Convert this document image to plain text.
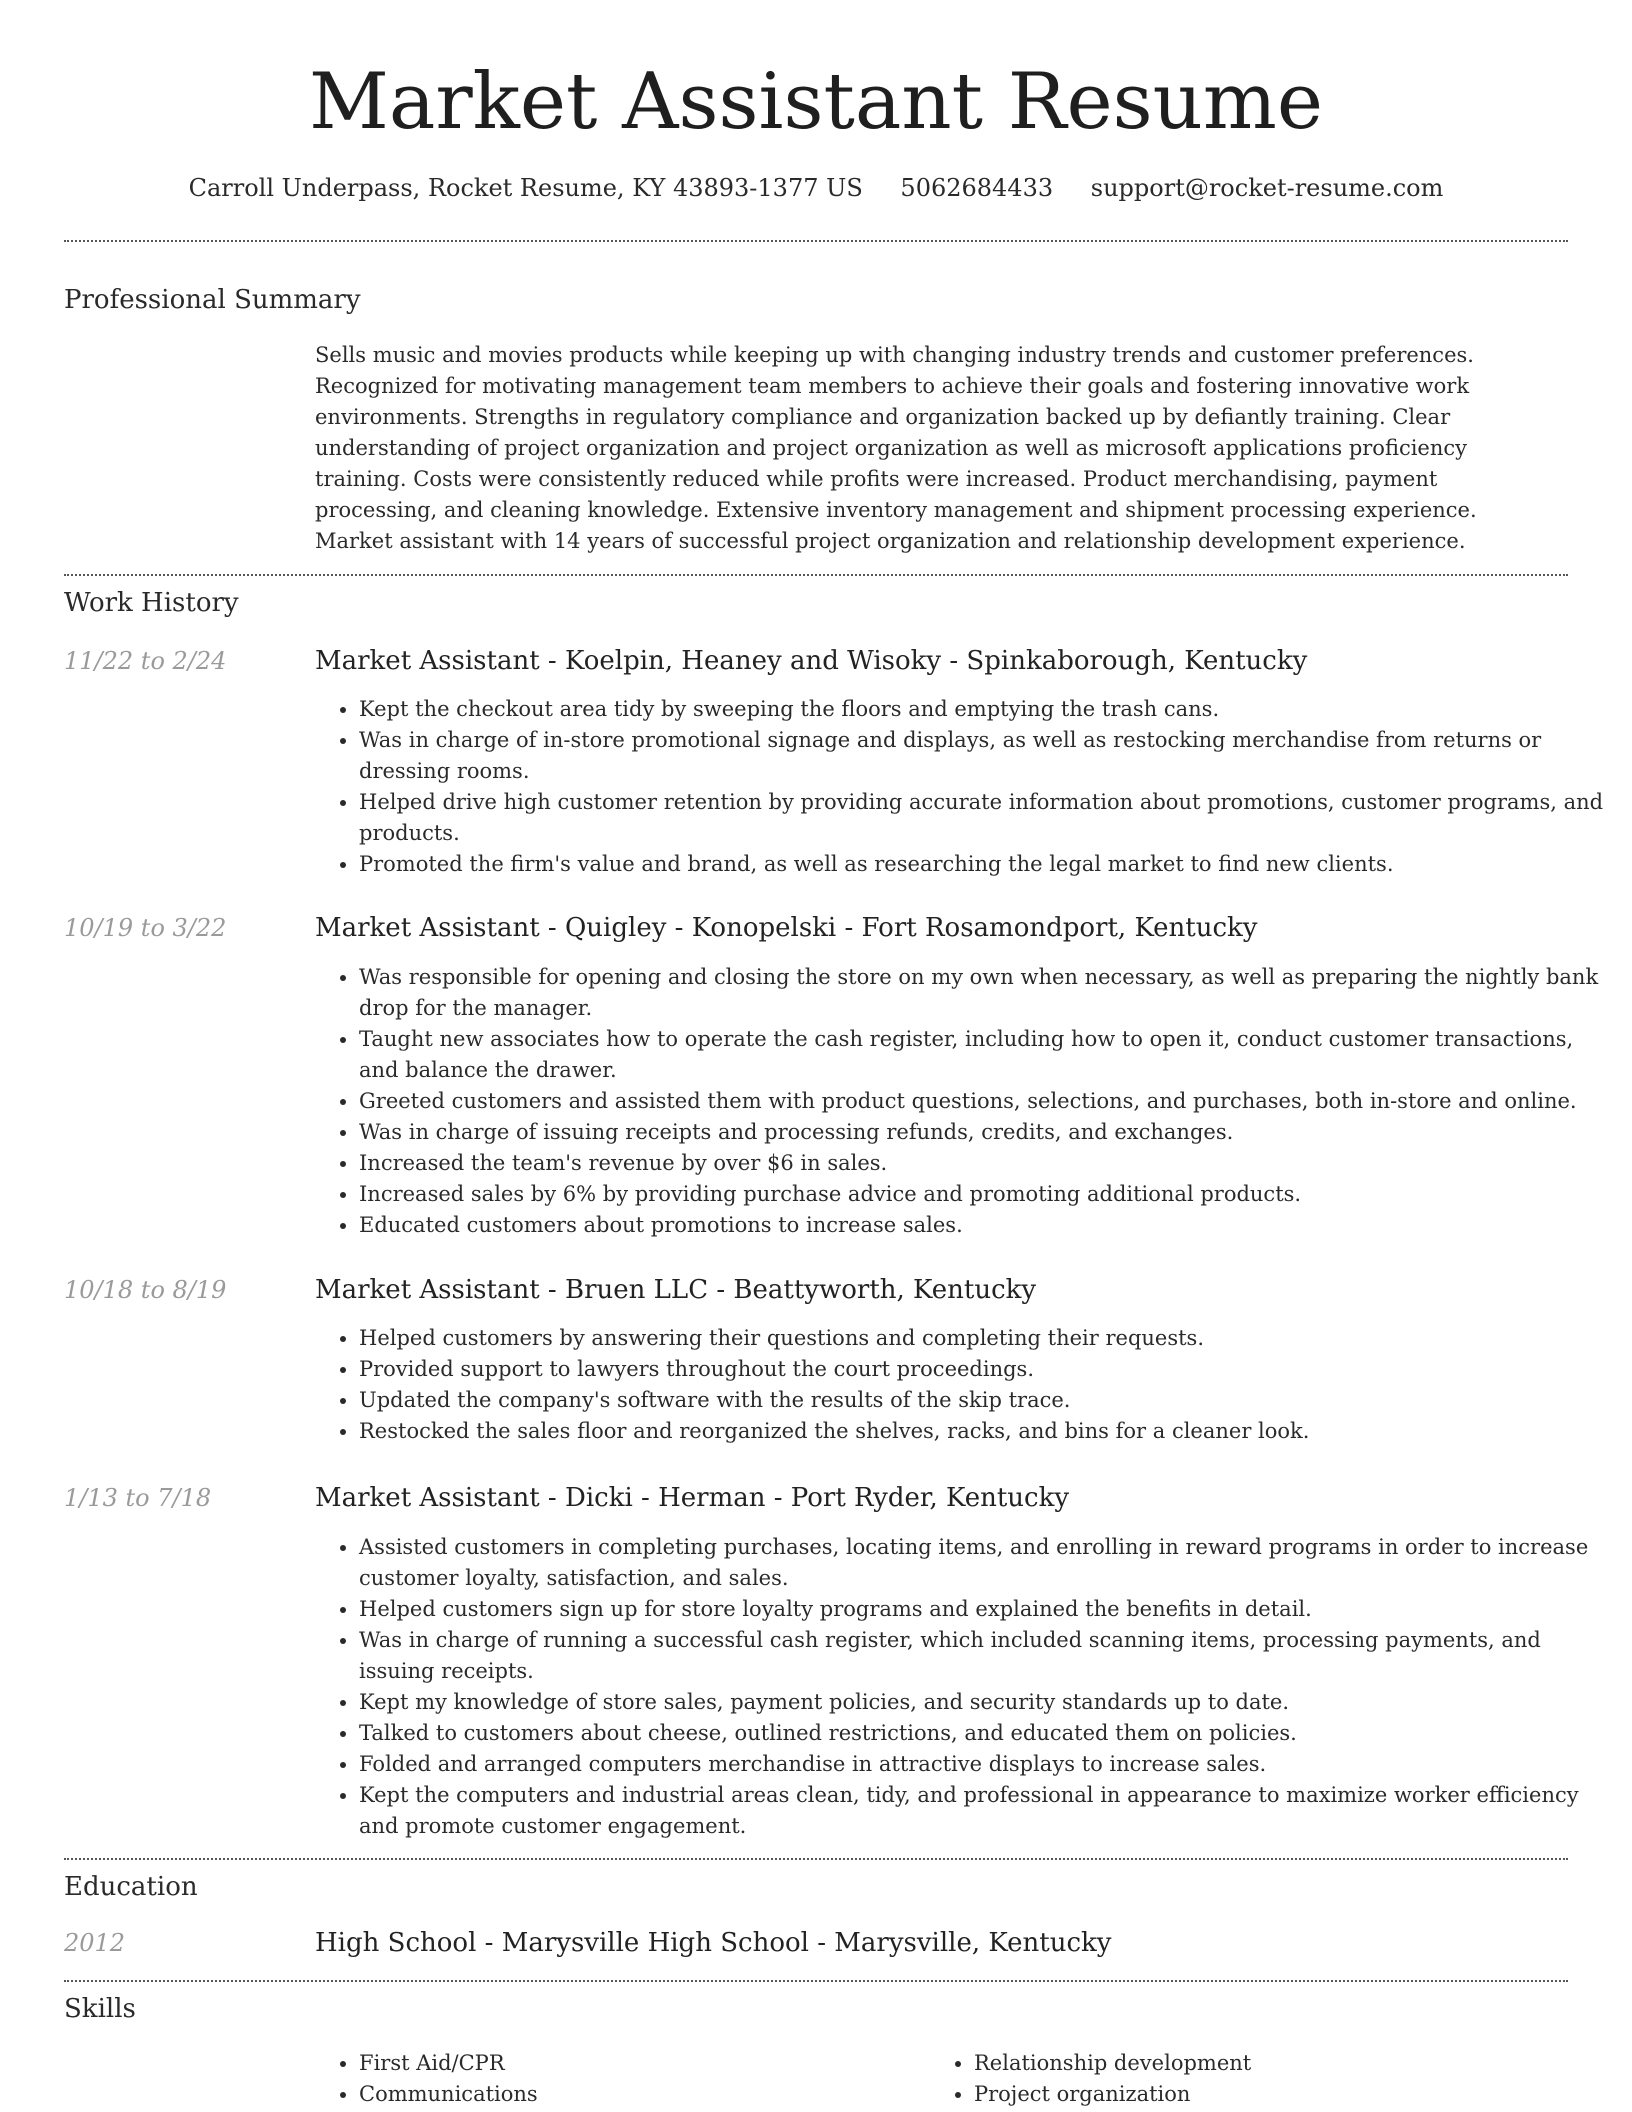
Market Assistant Resume
Carroll Underpass, Rocket Resume, KY 43893-1377 US 5062684433 support@rocket-resume.com
Professional Summary

Sells music and movies products while keeping up with changing industry trends and customer preferences. Recognized for motivating management team members to achieve their goals and fostering innovative work environments. Strengths in regulatory compliance and organization backed up by defiantly training. Clear understanding of project organization and project organization as well as microsoft applications proficiency training. Costs were consistently reduced while profits were increased. Product merchandising, payment processing, and cleaning knowledge. Extensive inventory management and shipment processing experience. Market assistant with 14 years of successful project organization and relationship development experience.

Work History
11/22 to 2/24	Market Assistant - Koelpin, Heaney and Wisoky - Spinkaborough, Kentucky
• Kept the checkout area tidy by sweeping the floors and emptying the trash cans.
• Was in charge of in-store promotional signage and displays, as well as restocking merchandise from returns or dressing rooms.
• Helped drive high customer retention by providing accurate information about promotions, customer programs, and products.
• Promoted the firm's value and brand, as well as researching the legal market to find new clients.
10/19 to 3/22	Market Assistant - Quigley - Konopelski - Fort Rosamondport, Kentucky
• Was responsible for opening and closing the store on my own when necessary, as well as preparing the nightly bank drop for the manager.
• Taught new associates how to operate the cash register, including how to open it, conduct customer transactions, and balance the drawer.
• Greeted customers and assisted them with product questions, selections, and purchases, both in-store and online.
• Was in charge of issuing receipts and processing refunds, credits, and exchanges.
• Increased the team's revenue by over $6 in sales.
• Increased sales by 6% by providing purchase advice and promoting additional products.
• Educated customers about promotions to increase sales.
10/18 to 8/19	Market Assistant - Bruen LLC - Beattyworth, Kentucky
• Helped customers by answering their questions and completing their requests.
• Provided support to lawyers throughout the court proceedings.
• Updated the company's software with the results of the skip trace.
• Restocked the sales floor and reorganized the shelves, racks, and bins for a cleaner look.
1/13 to 7/18	Market Assistant - Dicki - Herman - Port Ryder, Kentucky
• Assisted customers in completing purchases, locating items, and enrolling in reward programs in order to increase customer loyalty, satisfaction, and sales.
• Helped customers sign up for store loyalty programs and explained the benefits in detail.
• Was in charge of running a successful cash register, which included scanning items, processing payments, and issuing receipts.
• Kept my knowledge of store sales, payment policies, and security standards up to date.
• Talked to customers about cheese, outlined restrictions, and educated them on policies.
• Folded and arranged computers merchandise in attractive displays to increase sales.
• Kept the computers and industrial areas clean, tidy, and professional in appearance to maximize worker efficiency and promote customer engagement.
Education
2012	High School - Marysville High School - Marysville, Kentucky
Skills
• First Aid/CPR
• Communications
• Relationship development
• Project organization
